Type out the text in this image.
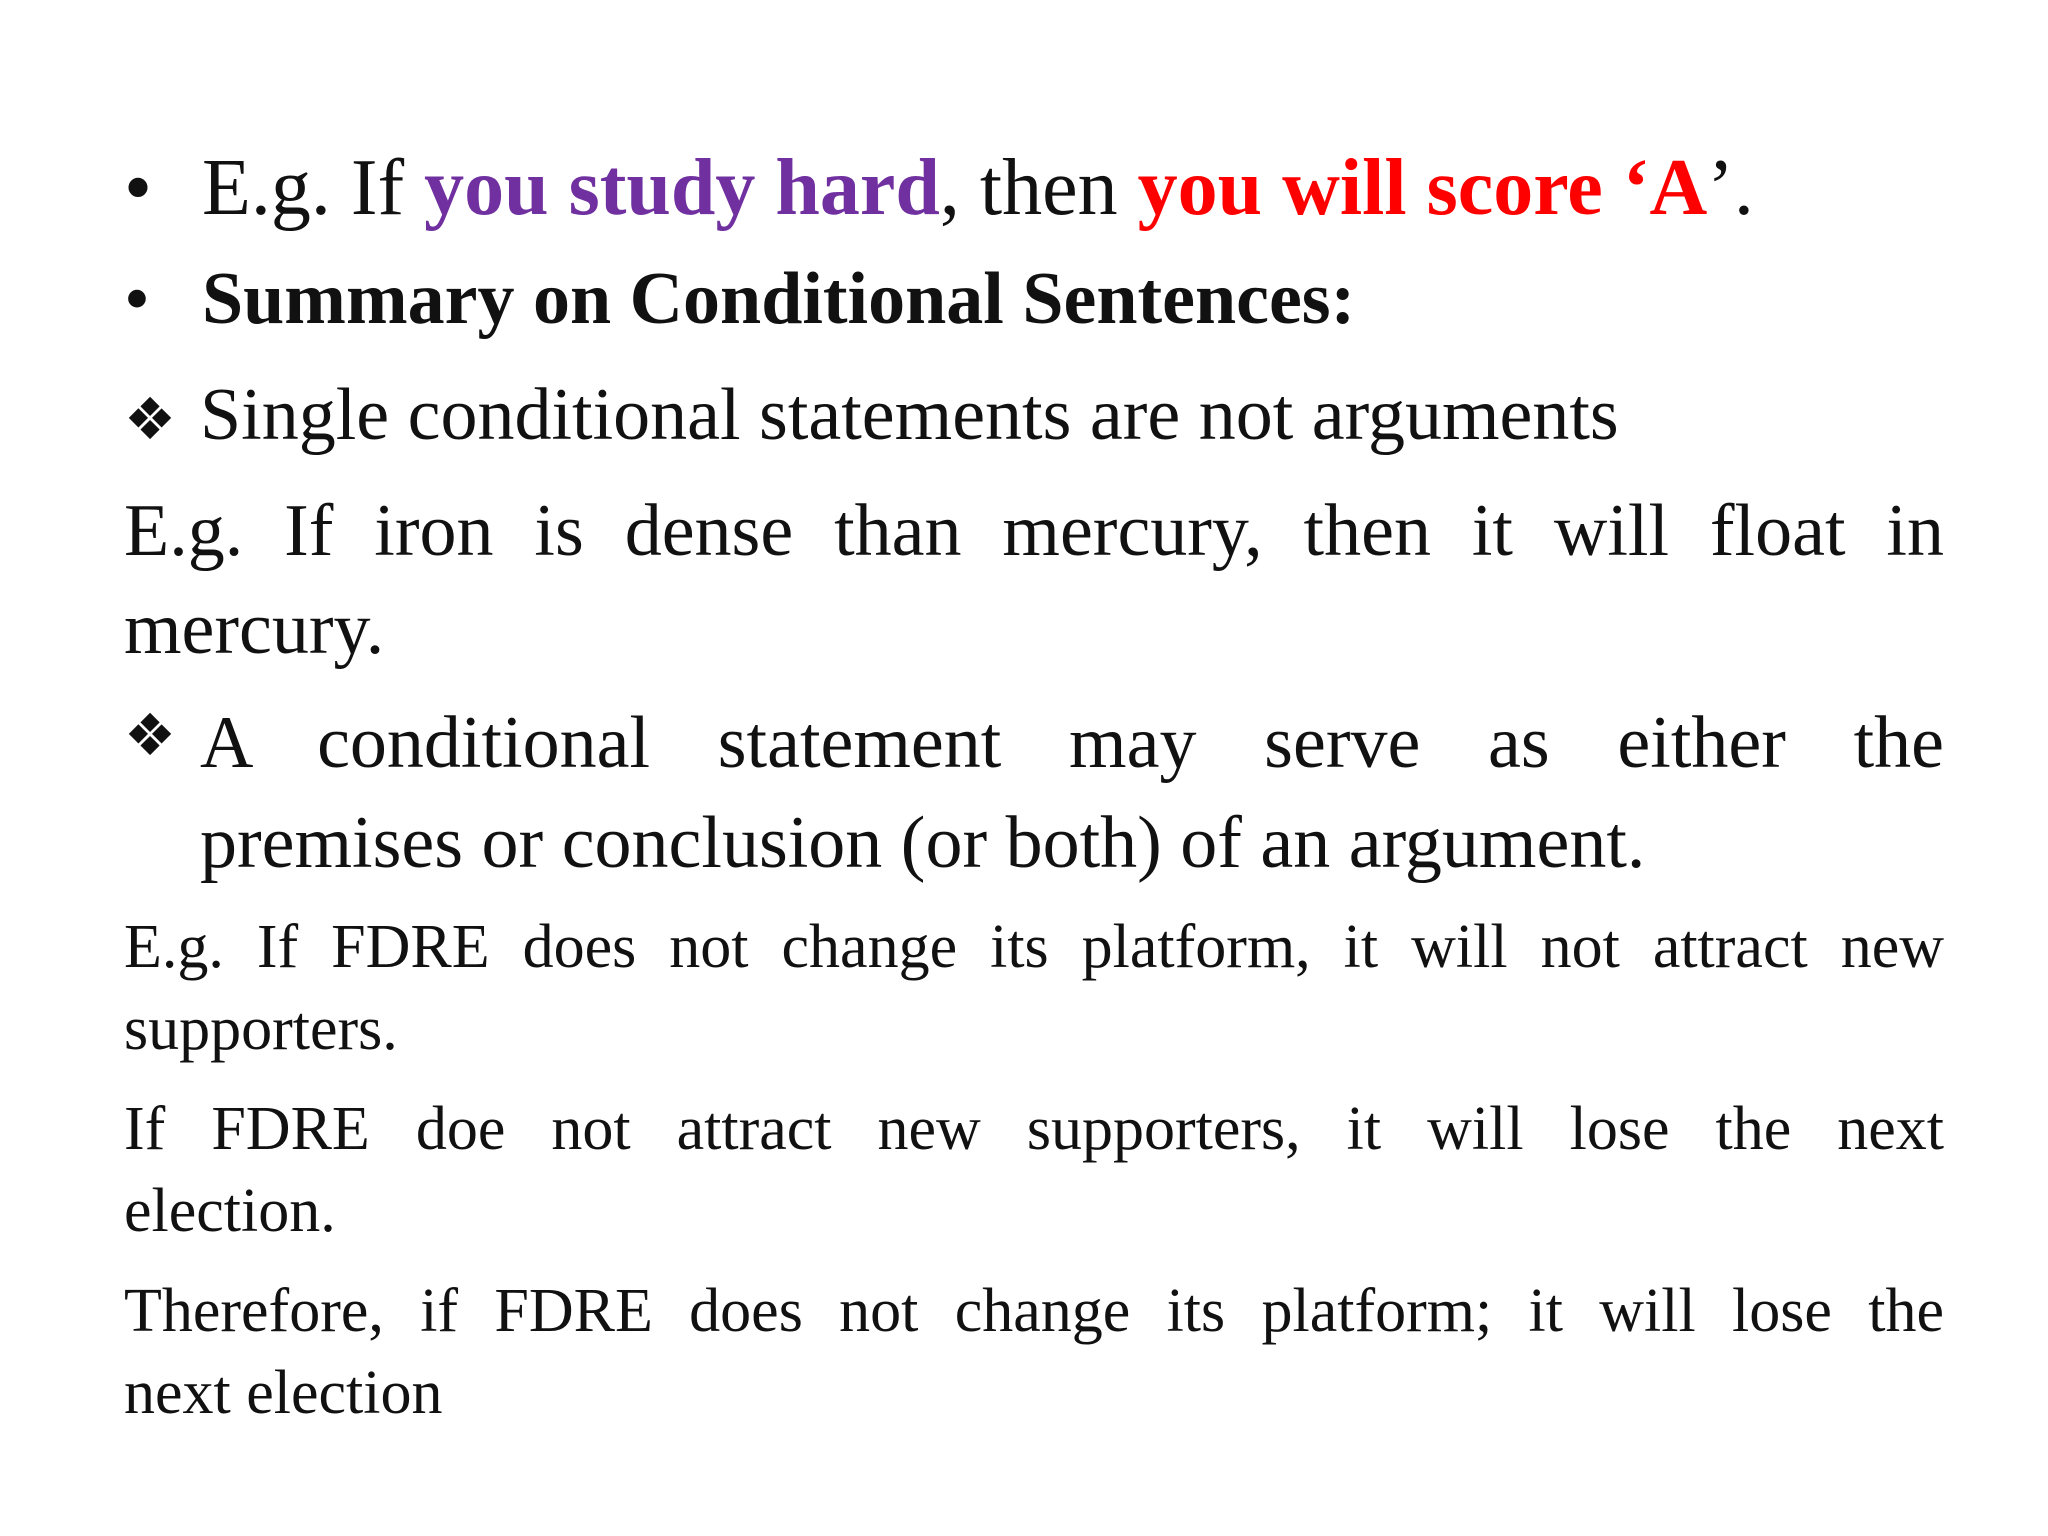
• E.g. If you study hard, then you will score ‘A’.
• Summary on Conditional Sentences:
❖ Single conditional statements are not arguments
E.g. If iron is dense than mercury, then it will float in
mercury.
❖ A conditional statement may serve as either the
premises or conclusion (or both) of an argument.
E.g. If FDRE does not change its platform, it will not attract new
supporters.
If FDRE doe not attract new supporters, it will lose the next
election.
Therefore, if FDRE does not change its platform; it will lose the
next election
